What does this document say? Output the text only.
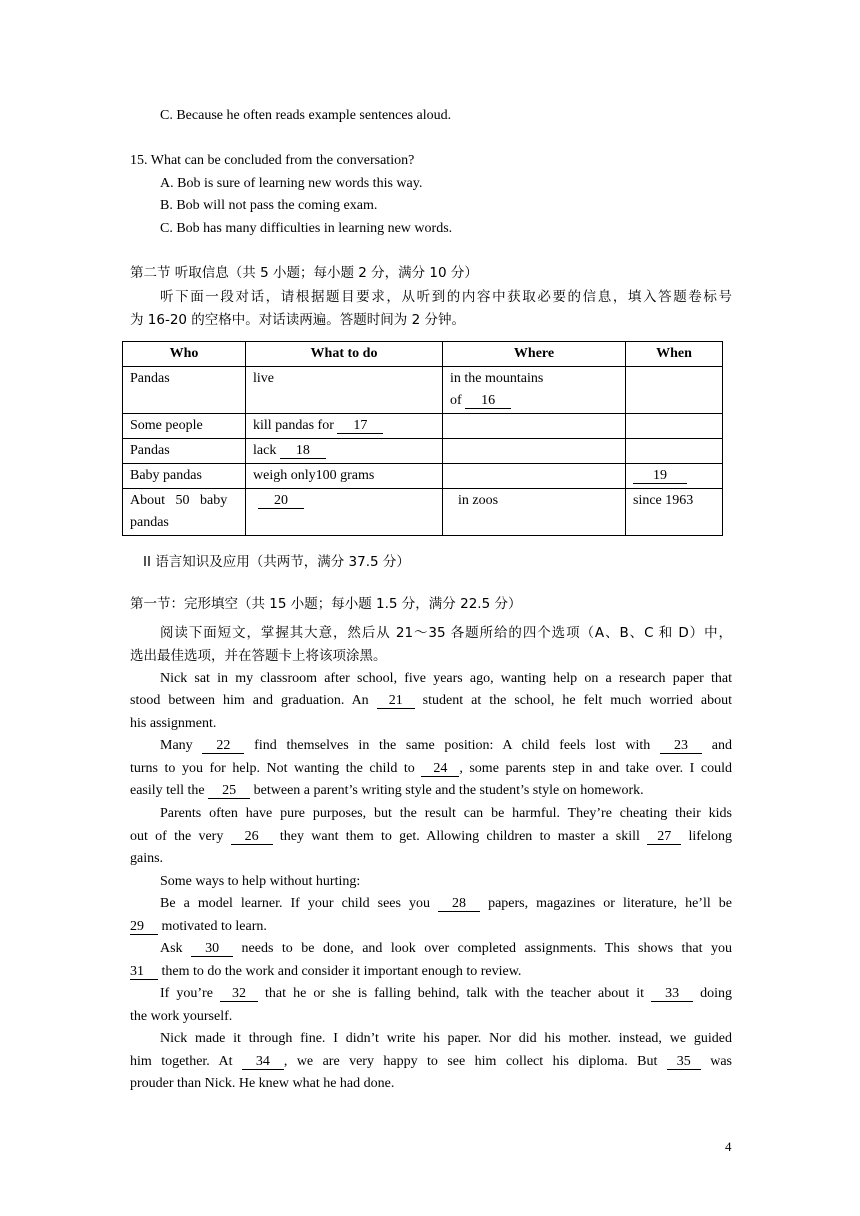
C. Because he often reads example sentences aloud.
15. What can be concluded from the conversation?
A. Bob is sure of learning new words this way.
B. Bob will not pass the coming exam.
C. Bob has many difficulties in learning new words.
第二节 听取信息（共 5 小题；每小题 2 分，满分 10 分）
听下面一段对话，请根据题目要求，从听到的内容中获取必要的信息，填入答题卷标号
为 16-20 的空格中。对话读两遍。答题时间为 2 分钟。
Who	What to do	Where	When
Pandas	live	in the mountains
of 16	

Some people	kill pandas for 17		
Pandas	lack 18		
Baby pandas	weigh only100 grams		19

About   50   baby
pandas	20	in zoos	since 1963
II 语言知识及应用（共两节，满分 37.5 分）
第一节：完形填空（共 15 小题；每小题 1.5 分，满分 22.5 分）
阅读下面短文，掌握其大意，然后从 21～35 各题所给的四个选项（A、B、C 和 D）中，
选出最佳选项，并在答题卡上将该项涂黑。
Nick sat in my classroom after school, five years ago, wanting help on a research paper that
stood between him and graduation. An 21 student at the school, he felt much worried about
his assignment.
Many 22 find themselves in the same position: A child feels lost with 23 and
turns to you for help. Not wanting the child to 24 , some parents step in and take over. I could
easily tell the 25 between a parent’s writing style and the student’s style on homework.
Parents often have pure purposes, but the result can be harmful. They’re cheating their kids
out of the very 26 they want them to get. Allowing children to master a skill 27 lifelong
gains.
Some ways to help without hurting:
Be a model learner. If your child sees you 28 papers, magazines or literature, he’ll be
29 motivated to learn.
Ask 30 needs to be done, and look over completed assignments. This shows that you
31 them to do the work and consider it important enough to review.
If you’re 32 that he or she is falling behind, talk with the teacher about it 33 doing
the work yourself.
Nick made it through fine. I didn’t write his paper. Nor did his mother. instead, we guided
him together. At 34 , we are very happy to see him collect his diploma. But 35 was
prouder than Nick. He knew what he had done.
4
